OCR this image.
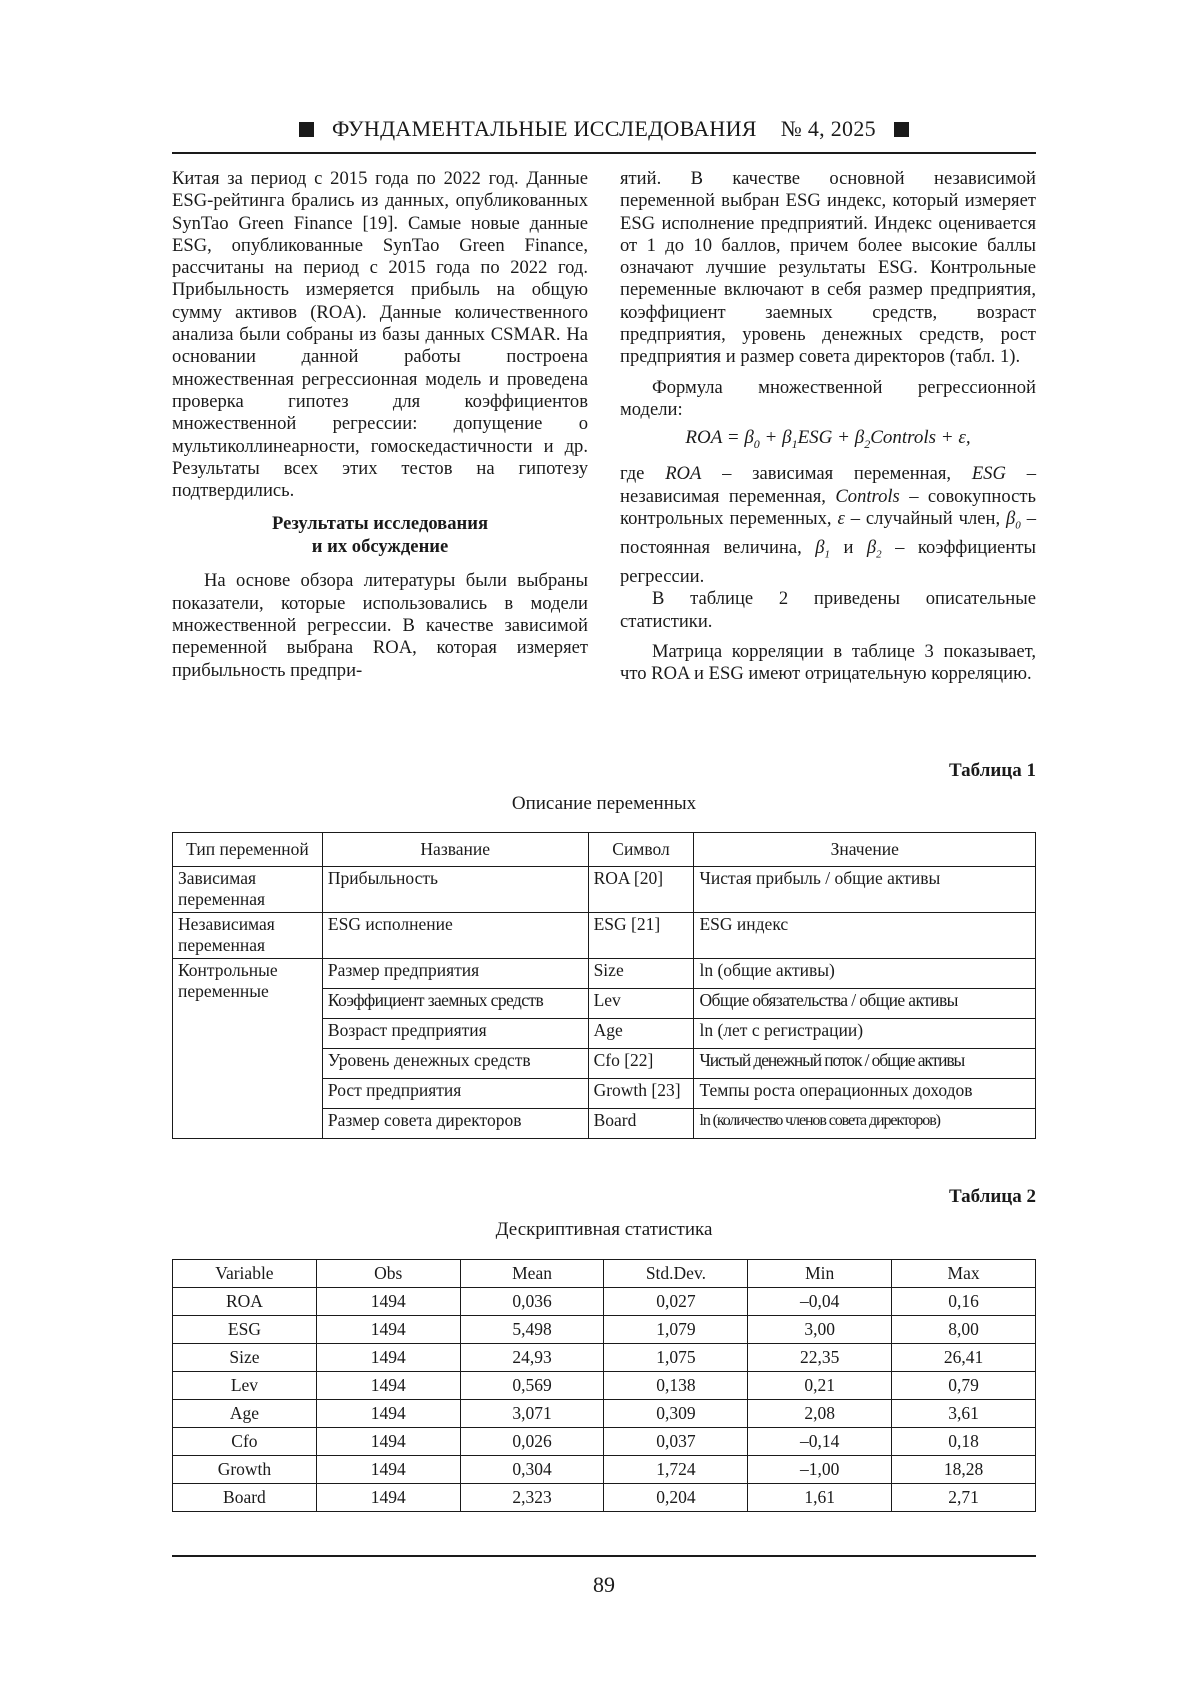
ФУНДАМЕНТАЛЬНЫЕ ИССЛЕДОВАНИЯ № 4, 2025

Китая за период с 2015 года по 2022 год. Данные ESG-рейтинга брались из данных, опубликованных SynTao Green Finance [19]. Самые новые данные ESG, опубликованные SynTao Green Finance, рассчитаны на период с 2015 года по 2022 год. Прибыльность измеряется прибыль на общую сумму активов (ROA). Данные количественного анализа были собраны из базы данных CSMAR. На основании данной работы построена множественная регрессионная модель и проведена проверка гипотез для коэффициентов множественной регрессии: допущение о мультиколлинеарности, гомоскедастичности и др. Результаты всех этих тестов на гипотезу подтвердились.

Результаты исследования
и их обсуждение

На основе обзора литературы были выбраны показатели, которые использовались в модели множественной регрессии. В качестве зависимой переменной выбрана ROA, которая измеряет прибыльность предпри-

ятий. В качестве основной независимой переменной выбран ESG индекс, который измеряет ESG исполнение предприятий. Индекс оценивается от 1 до 10 баллов, причем более высокие баллы означают лучшие результаты ESG. Контрольные переменные включают в себя размер предприятия, коэффициент заемных средств, возраст предприятия, уровень денежных средств, рост предприятия и размер совета директоров (табл. 1).

Формула множественной регрессионной модели:

ROA = $\beta_0 + \beta_1ESG$ + $\beta_2Controls + \varepsilon$,

где ROA – зависимая переменная, ESG – независимая переменная, Controls – совокупность контрольных переменных, ε – случайный член, $\beta_0$ – постоянная величина, $\beta_1$ и $\beta_2$ – коэффициенты регрессии.

В таблице 2 приведены описательные статистики.

Матрица корреляции в таблице 3 показывает, что ROA и ESG имеют отрицательную корреляцию.

Таблица 1
Описание переменных
Тип переменной	Название	Символ	Значение
Зависимая переменная	Прибыльность	ROA [20]	Чистая прибыль / общие активы
Независимая переменная	ESG исполнение	ESG [21]	ESG индекс
Контрольные переменные	Размер предприятия	Size	ln (общие активы)
	Коэффициент заемных средств	Lev	Общие обязательства / общие активы
	Возраст предприятия	Age	ln (лет с регистрации)
	Уровень денежных средств	Cfo [22]	Чистый денежный поток / общие активы
	Рост предприятия	Growth [23]	Темпы роста операционных доходов
	Размер совета директоров	Board	ln (количество членов совета директоров)
Таблица 2
Дескриптивная статистика
Variable	Obs	Mean	Std.Dev.	Min	Max
ROA	1494	0,036	0,027	–0,04	0,16
ESG	1494	5,498	1,079	3,00	8,00
Size	1494	24,93	1,075	22,35	26,41
Lev	1494	0,569	0,138	0,21	0,79
Age	1494	3,071	0,309	2,08	3,61
Cfo	1494	0,026	0,037	–0,14	0,18
Growth	1494	0,304	1,724	–1,00	18,28
Board	1494	2,323	0,204	1,61	2,71
89
